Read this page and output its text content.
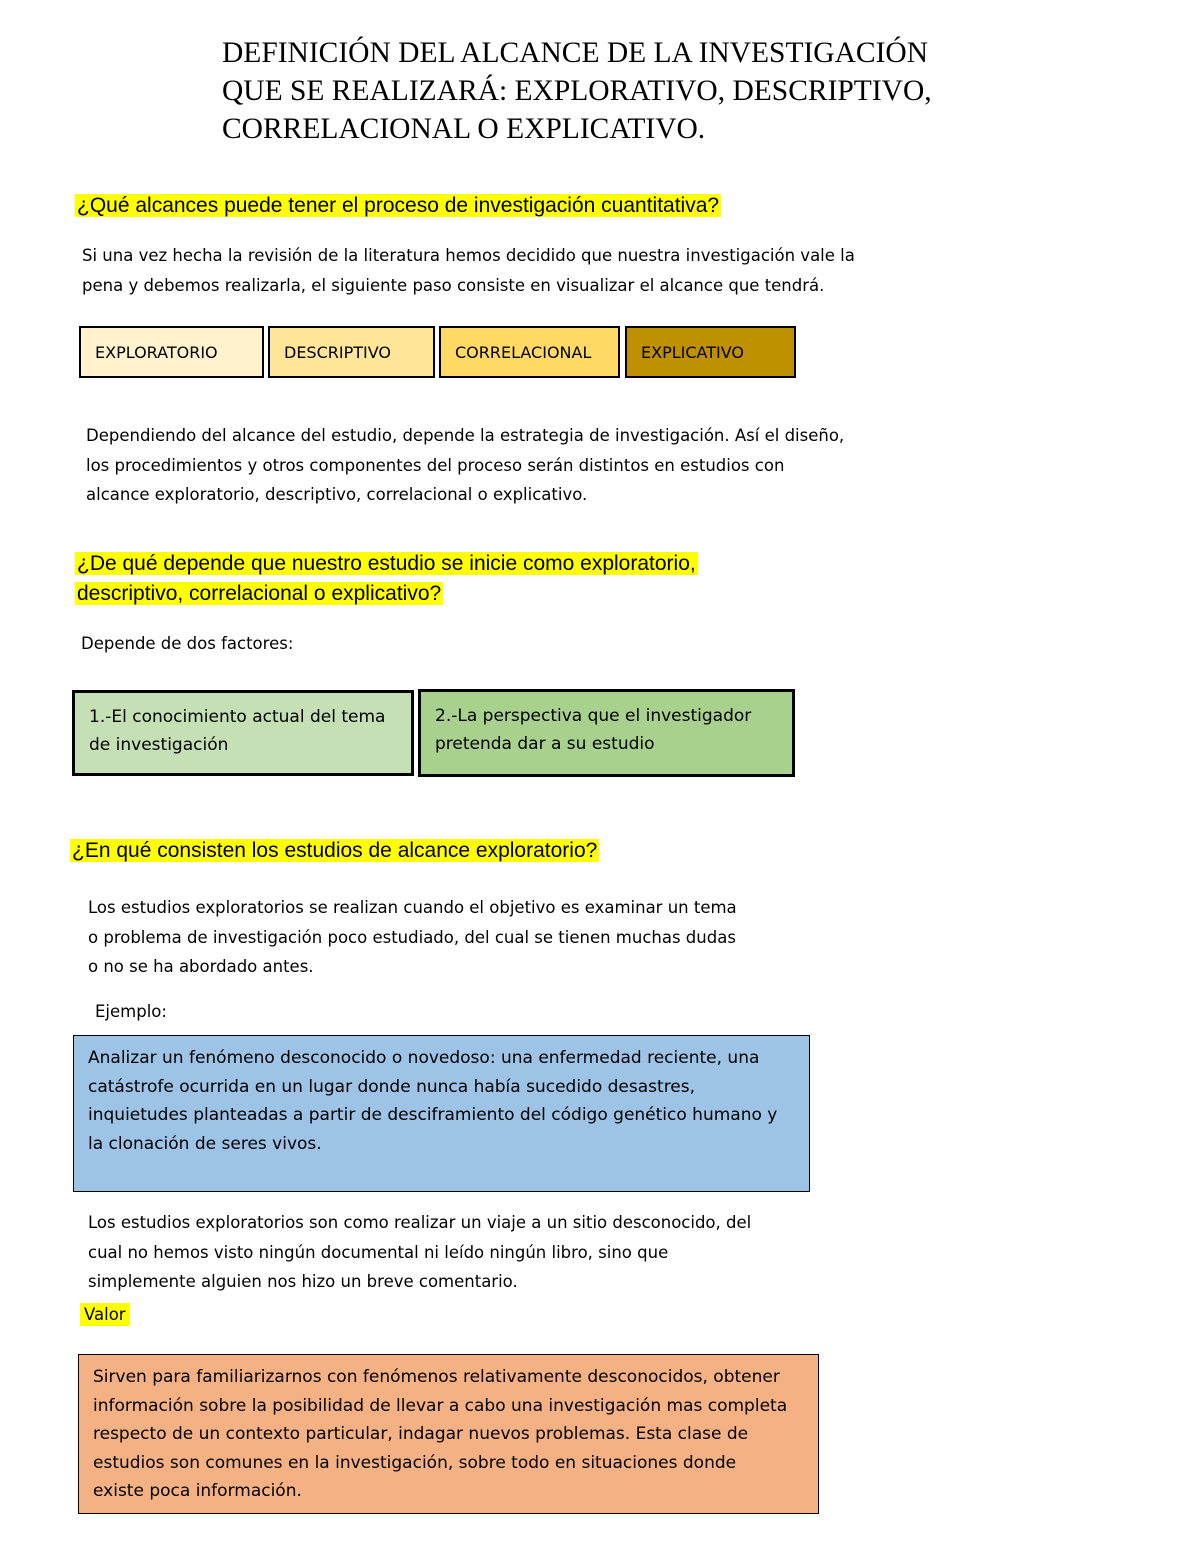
DEFINICIÓN DEL ALCANCE DE LA INVESTIGACIÓN
QUE SE REALIZARÁ: EXPLORATIVO, DESCRIPTIVO,
CORRELACIONAL O EXPLICATIVO.
¿Qué alcances puede tener el proceso de investigación cuantitativa?
Si una vez hecha la revisión de la literatura hemos decidido que nuestra investigación vale la
pena y debemos realizarla, el siguiente paso consiste en visualizar el alcance que tendrá.
EXPLORATORIO	DESCRIPTIVO	CORRELACIONAL	EXPLICATIVO
Dependiendo del alcance del estudio, depende la estrategia de investigación. Así el diseño,
los procedimientos y otros componentes del proceso serán distintos en estudios con
alcance exploratorio, descriptivo, correlacional o explicativo.
¿De qué depende que nuestro estudio se inicie como exploratorio,
descriptivo, correlacional o explicativo?
Depende de dos factores:
1.-El conocimiento actual del tema
de investigación
2.-La perspectiva que el investigador
pretenda dar a su estudio
¿En qué consisten los estudios de alcance exploratorio?
Los estudios exploratorios se realizan cuando el objetivo es examinar un tema
o problema de investigación poco estudiado, del cual se tienen muchas dudas
o no se ha abordado antes.
Ejemplo:
Analizar un fenómeno desconocido o novedoso: una enfermedad reciente, una
catástrofe ocurrida en un lugar donde nunca había sucedido desastres,
inquietudes planteadas a partir de desciframiento del código genético humano y
la clonación de seres vivos.
Los estudios exploratorios son como realizar un viaje a un sitio desconocido, del
cual no hemos visto ningún documental ni leído ningún libro, sino que
simplemente alguien nos hizo un breve comentario.
Valor
Sirven para familiarizarnos con fenómenos relativamente desconocidos, obtener
información sobre la posibilidad de llevar a cabo una investigación mas completa
respecto de un contexto particular, indagar nuevos problemas. Esta clase de
estudios son comunes en la investigación, sobre todo en situaciones donde
existe poca información.
